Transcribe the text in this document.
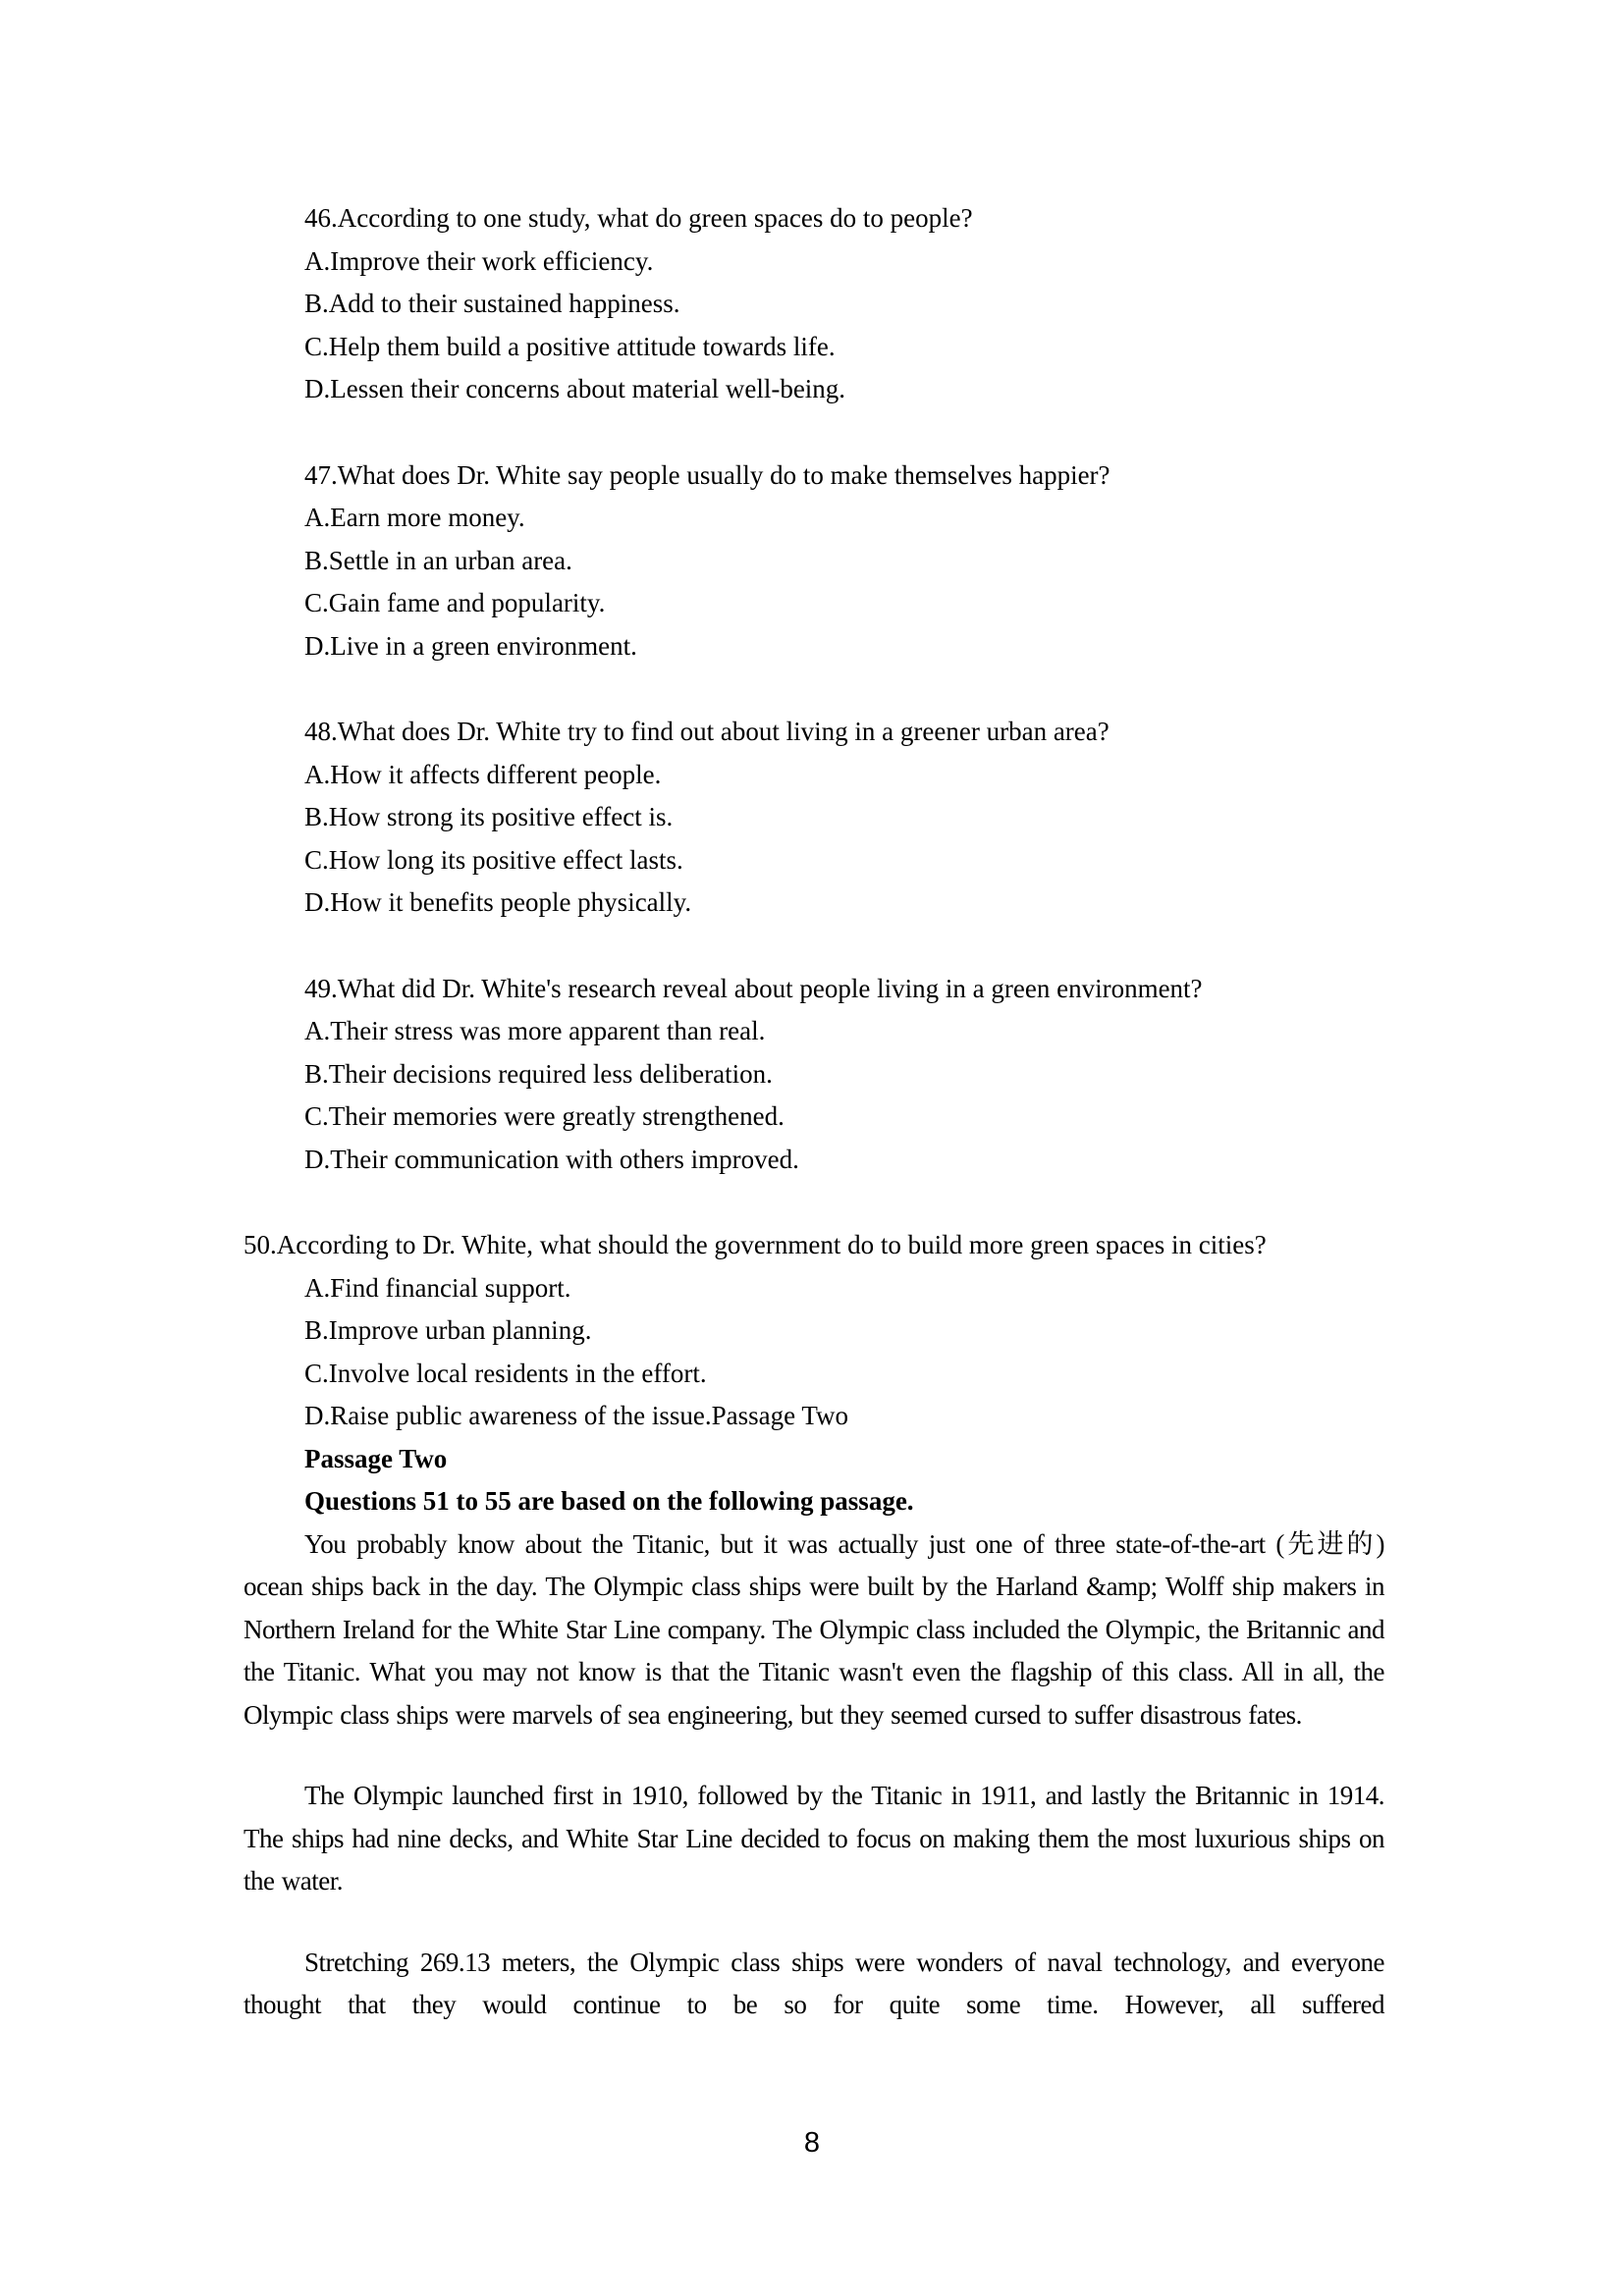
46.According to one study, what do green spaces do to people?

A.Improve their work efficiency.

B.Add to their sustained happiness.

C.Help them build a positive attitude towards life.

D.Lessen their concerns about material well-being.

47.What does Dr. White say people usually do to make themselves happier?

A.Earn more money.

B.Settle in an urban area.

C.Gain fame and popularity.

D.Live in a green environment.

48.What does Dr. White try to find out about living in a greener urban area?

A.How it affects different people.

B.How strong its positive effect is.

C.How long its positive effect lasts.

D.How it benefits people physically.

49.What did Dr. White's research reveal about people living in a green environment?

A.Their stress was more apparent than real.

B.Their decisions required less deliberation.

C.Their memories were greatly strengthened.

D.Their communication with others improved.

50.According to Dr. White, what should the government do to build more green spaces in cities?

A.Find financial support.

B.Improve urban planning.

C.Involve local residents in the effort.

D.Raise public awareness of the issue.Passage Two

Passage Two

Questions 51 to 55 are based on the following passage.

You probably know about the Titanic, but it was actually just one of three state-of-the-art (先进的) ocean ships back in the day. The Olympic class ships were built by the Harland &amp; Wolff ship makers in Northern Ireland for the White Star Line company. The Olympic class included the Olympic, the Britannic and the Titanic. What you may not know is that the Titanic wasn't even the flagship of this class. All in all, the Olympic class ships were marvels of sea engineering, but they seemed cursed to suffer disastrous fates.

The Olympic launched first in 1910, followed by the Titanic in 1911, and lastly the Britannic in 1914. The ships had nine decks, and White Star Line decided to focus on making them the most luxurious ships on the water.

Stretching 269.13 meters, the Olympic class ships were wonders of naval technology, and everyone thought that they would continue to be so for quite some time. However, all suffered

8
